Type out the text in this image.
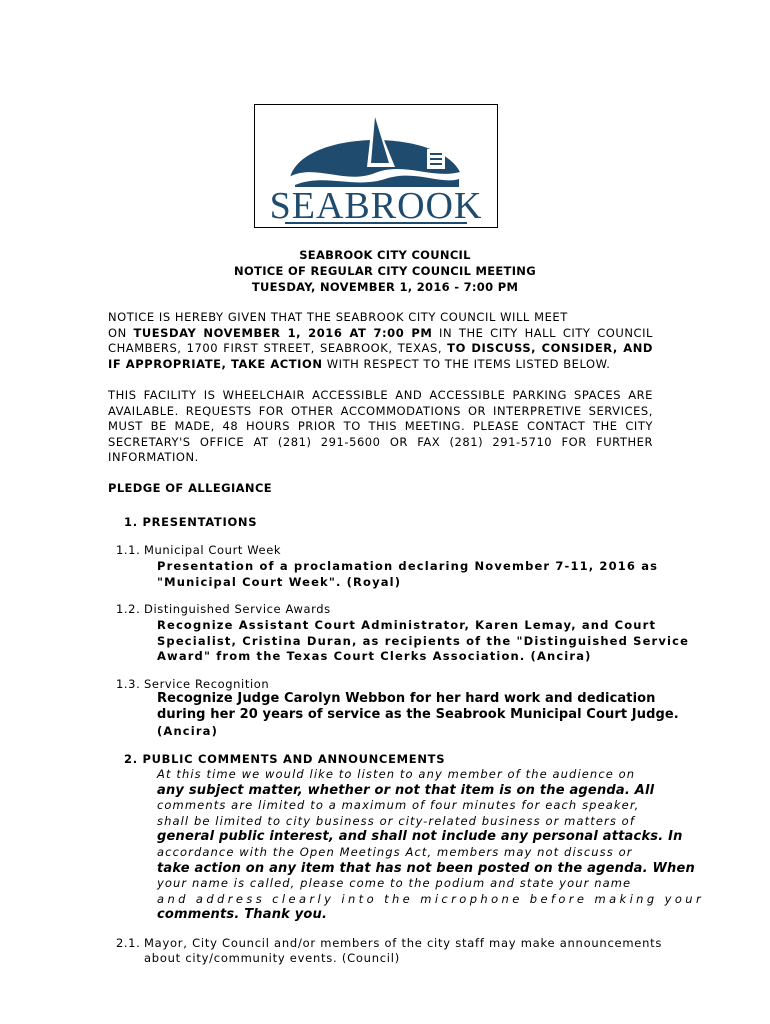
SEABROOK
SEABROOK CITY COUNCIL
NOTICE OF REGULAR CITY COUNCIL MEETING
TUESDAY, NOVEMBER 1, 2016 - 7:00 PM
NOTICE IS HEREBY GIVEN THAT THE SEABROOK CITY COUNCIL WILL MEET
ON TUESDAY NOVEMBER 1, 2016 AT 7:00 PM IN THE CITY HALL CITY COUNCIL
CHAMBERS, 1700 FIRST STREET, SEABROOK, TEXAS, TO DISCUSS, CONSIDER, AND
IF APPROPRIATE, TAKE ACTION WITH RESPECT TO THE ITEMS LISTED BELOW.
THIS FACILITY IS WHEELCHAIR ACCESSIBLE AND ACCESSIBLE PARKING SPACES ARE
AVAILABLE. REQUESTS FOR OTHER ACCOMMODATIONS OR INTERPRETIVE SERVICES,
MUST BE MADE, 48 HOURS PRIOR TO THIS MEETING. PLEASE CONTACT THE CITY
SECRETARY'S OFFICE AT (281) 291-5600 OR FAX (281) 291-5710 FOR FURTHER
INFORMATION.
PLEDGE OF ALLEGIANCE
1. PRESENTATIONS
1.1. Municipal Court Week
Presentation of a proclamation declaring November 7-11, 2016 as
"Municipal Court Week". (Royal)
1.2. Distinguished Service Awards
Recognize Assistant Court Administrator, Karen Lemay, and Court
Specialist, Cristina Duran, as recipients of the "Distinguished Service
Award" from the Texas Court Clerks Association. (Ancira)
1.3. Service Recognition
Recognize Judge Carolyn Webbon for her hard work and dedication
during her 20 years of service as the Seabrook Municipal Court Judge.
(Ancira)
2. PUBLIC COMMENTS AND ANNOUNCEMENTS
At this time we would like to listen to any member of the audience on
any subject matter, whether or not that item is on the agenda. All
comments are limited to a maximum of four minutes for each speaker,
shall be limited to city business or city-related business or matters of
general public interest, and shall not include any personal attacks. In
accordance with the Open Meetings Act, members may not discuss or
take action on any item that has not been posted on the agenda. When
your name is called, please come to the podium and state your name
and address clearly into the microphone before making your
comments. Thank you.
2.1. Mayor, City Council and/or members of the city staff may make announcements
about city/community events. (Council)
